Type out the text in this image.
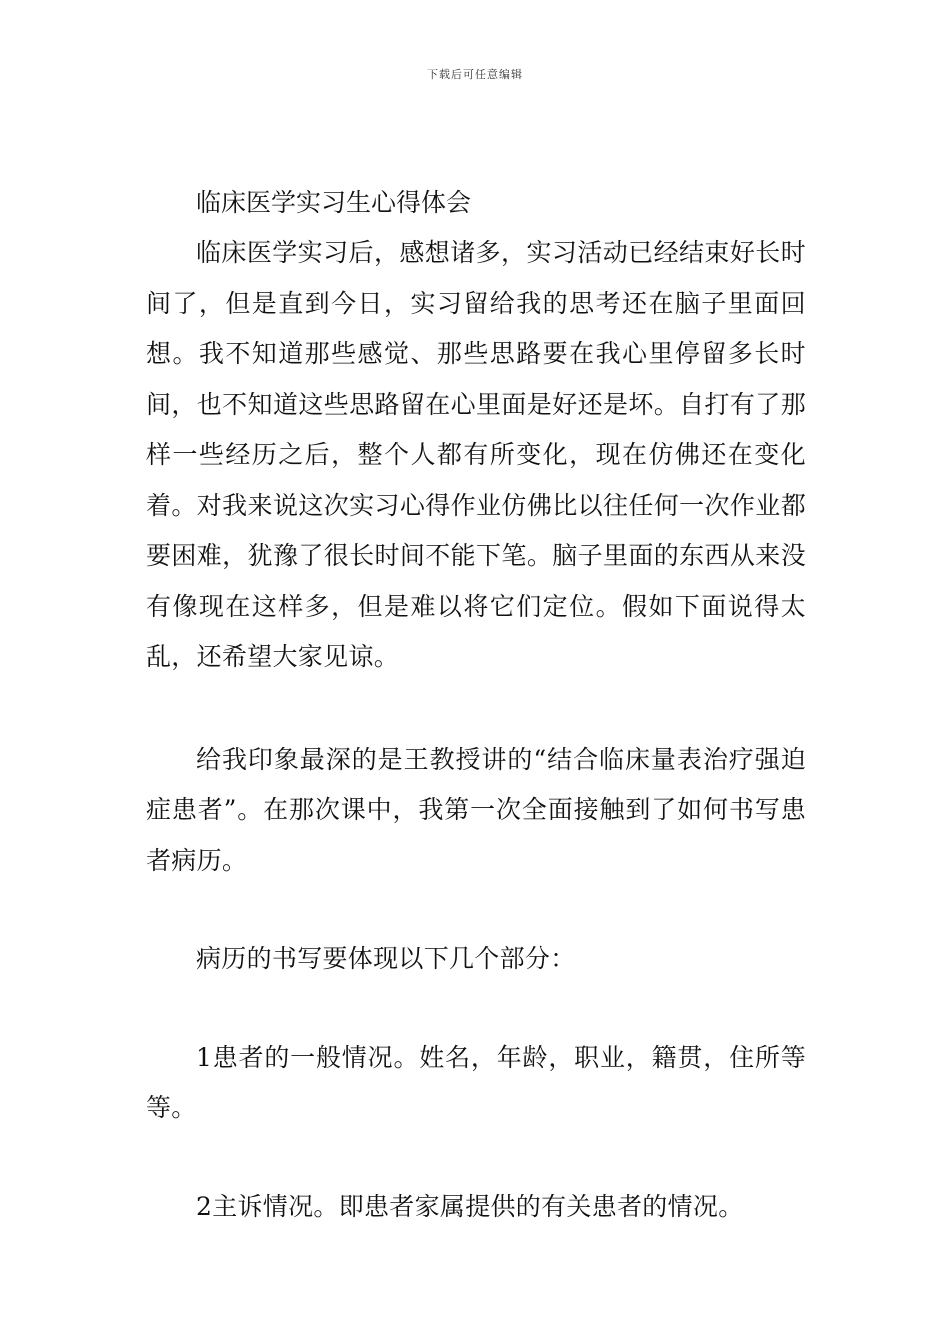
下载后可任意编辑

临床医学实习生心得体会

临床医学实习后，感想诸多，实习活动已经结束好长时间了，但是直到今日，实习留给我的思考还在脑子里面回想。我不知道那些感觉、那些思路要在我心里停留多长时间，也不知道这些思路留在心里面是好还是坏。自打有了那样一些经历之后，整个人都有所变化，现在仿佛还在变化着。对我来说这次实习心得作业仿佛比以往任何一次作业都要困难，犹豫了很长时间不能下笔。脑子里面的东西从来没有像现在这样多，但是难以将它们定位。假如下面说得太乱，还希望大家见谅。

给我印象最深的是王教授讲的“结合临床量表治疗强迫症患者”。在那次课中，我第一次全面接触到了如何书写患者病历。

病历的书写要体现以下几个部分：

1患者的一般情况。姓名，年龄，职业，籍贯，住所等等。

2主诉情况。即患者家属提供的有关患者的情况。
